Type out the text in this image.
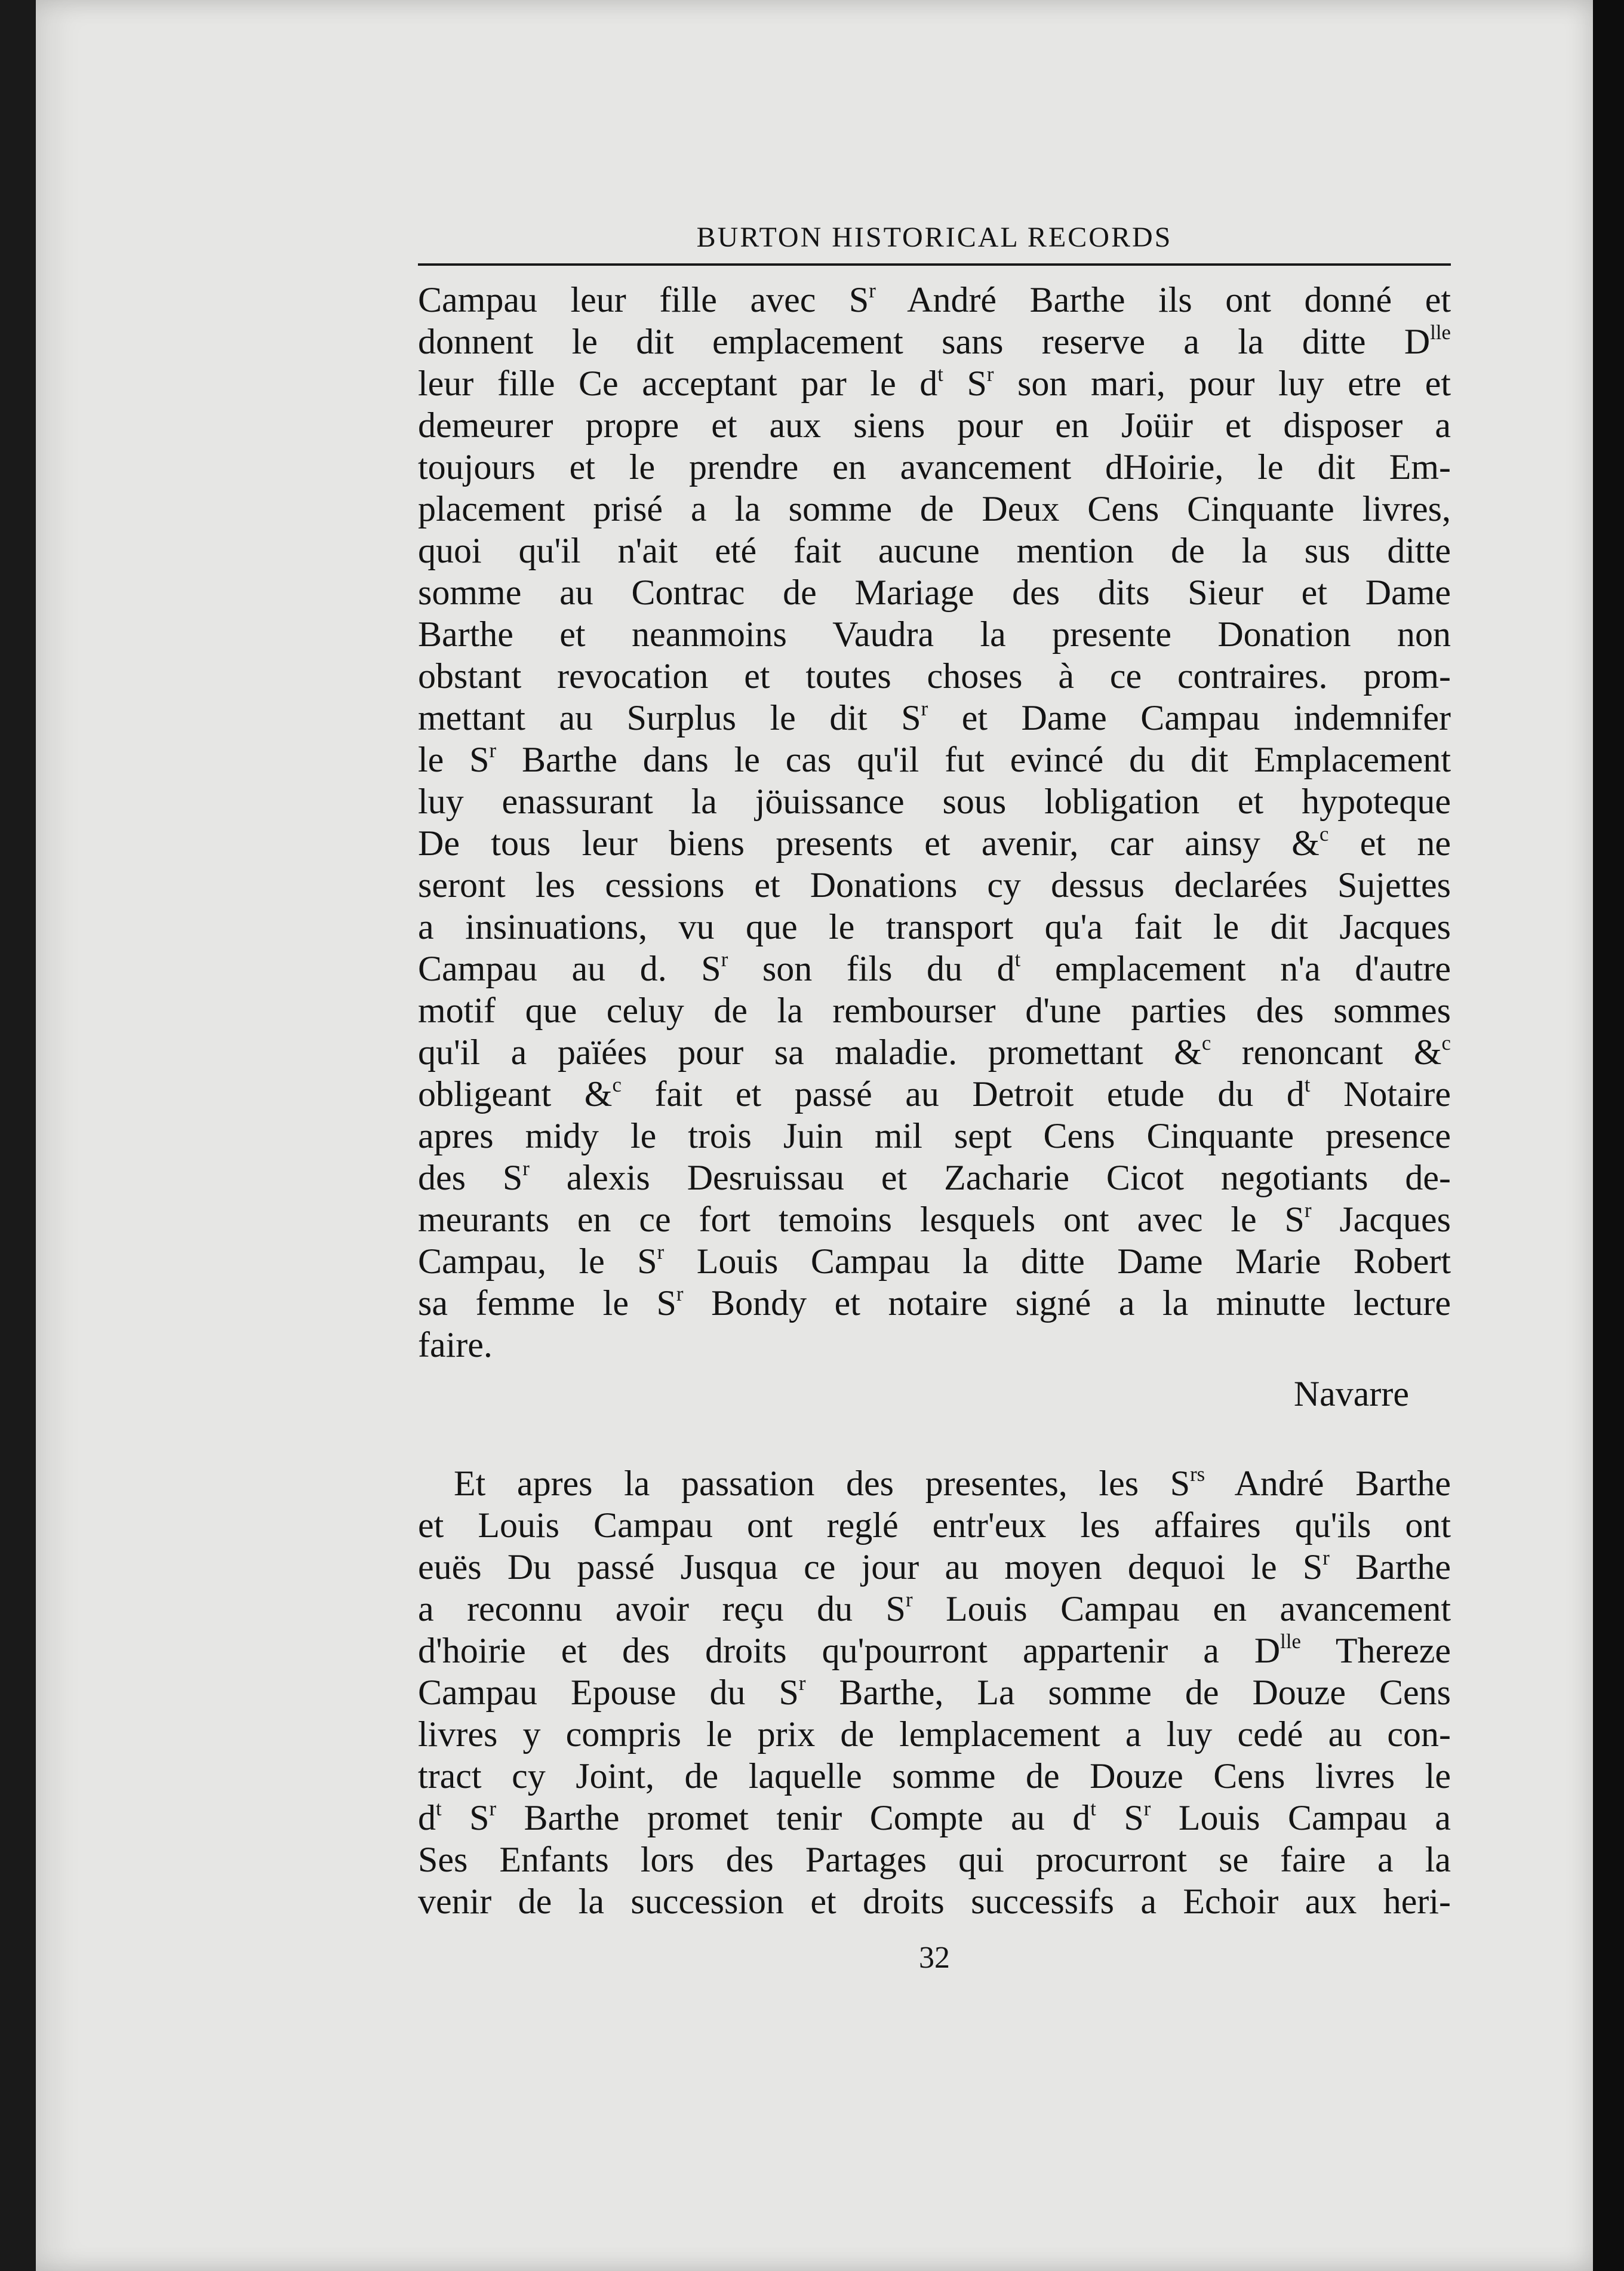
BURTON HISTORICAL RECORDS
Campau leur fille avec $S^r$ André Barthe ils ont donné et
donnent le dit emplacement sans reserve a la ditte $D^{lle}$
leur fille Ce acceptant par le $d^t$ $S^r$ son mari, pour luy etre et
demeurer propre et aux siens pour en Joüir et disposer a
toujours et le prendre en avancement dHoirie, le dit Em-
placement prisé a la somme de Deux Cens Cinquante livres,
quoi qu'il n'ait eté fait aucune mention de la sus ditte
somme au Contrac de Mariage des dits Sieur et Dame
Barthe et neanmoins Vaudra la presente Donation non
obstant revocation et toutes choses à ce contraires. prom-
mettant au Surplus le dit $S^r$ et Dame Campau indemnifer
le $S^r$ Barthe dans le cas qu'il fut evincé du dit Emplacement
luy enassurant la jöuissance sous lobligation et hypoteque
De tous leur biens presents et avenir, car ainsy &$^c$ et ne
seront les cessions et Donations cy dessus declarées Sujettes
a insinuations, vu que le transport qu'a fait le dit Jacques
Campau au d. $S^r$ son fils du $d^t$ emplacement n'a d'autre
motif que celuy de la rembourser d'une parties des sommes
qu'il a païées pour sa maladie. promettant &$^c$ renoncant &$^c$
obligeant &$^c$ fait et passé au Detroit etude du $d^t$ Notaire
apres midy le trois Juin mil sept Cens Cinquante presence
des $S^r$ alexis Desruissau et Zacharie Cicot negotiants de-
meurants en ce fort temoins lesquels ont avec le $S^r$ Jacques
Campau, le $S^r$ Louis Campau la ditte Dame Marie Robert
sa femme le $S^r$ Bondy et notaire signé a la minutte lecture
faire.
Navarre
Et apres la passation des presentes, les $S^{rs}$ André Barthe
et Louis Campau ont reglé entr'eux les affaires qu'ils ont
euës Du passé Jusqua ce jour au moyen dequoi le $S^r$ Barthe
a reconnu avoir reçu du $S^r$ Louis Campau en avancement
d'hoirie et des droits qu'pourront appartenir a $D^{lle}$ Thereze
Campau Epouse du $S^r$ Barthe, La somme de Douze Cens
livres y compris le prix de lemplacement a luy cedé au con-
tract cy Joint, de laquelle somme de Douze Cens livres le
$d^t$ $S^r$ Barthe promet tenir Compte au $d^t$ $S^r$ Louis Campau a
Ses Enfants lors des Partages qui procurront se faire a la
venir de la succession et droits successifs a Echoir aux heri-
32
